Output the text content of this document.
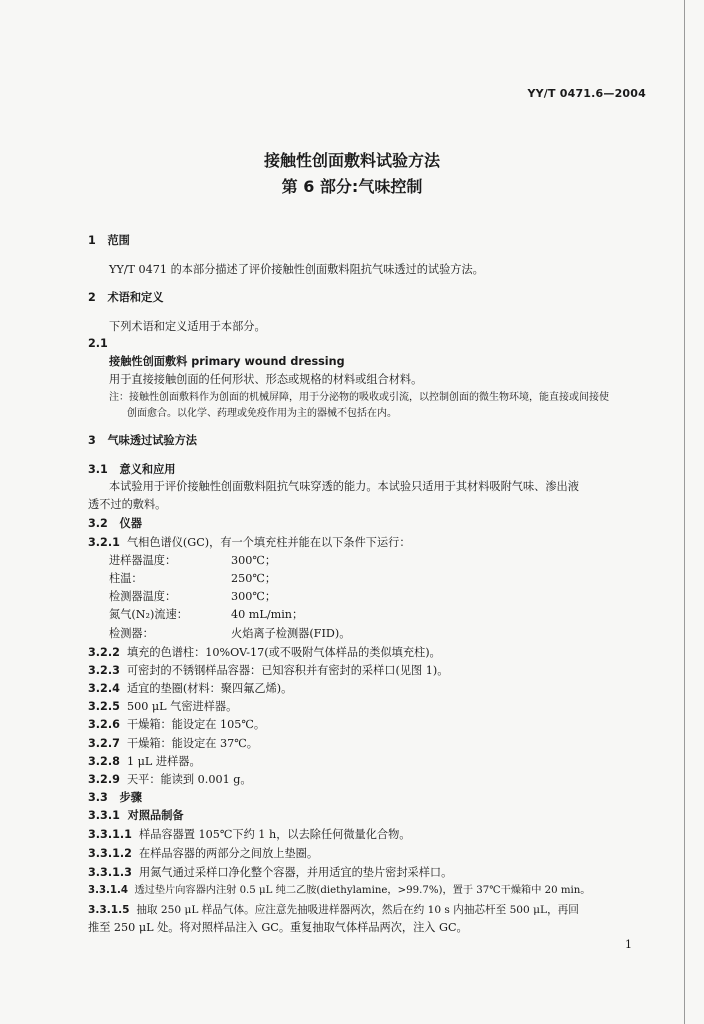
YY/T 0471.6—2004
接触性创面敷料试验方法
第 6 部分:气味控制
1 范围
YY/T 0471 的本部分描述了评价接触性创面敷料阻抗气味透过的试验方法。
2 术语和定义
下列术语和定义适用于本部分。
2.1
接触性创面敷料 primary wound dressing
用于直接接触创面的任何形状、形态或规格的材料或组合材料。
注：接触性创面敷料作为创面的机械屏障，用于分泌物的吸收或引流，以控制创面的微生物环境，能直接或间接使
创面愈合。以化学、药理或免疫作用为主的器械不包括在内。
3 气味透过试验方法
3.1 意义和应用
本试验用于评价接触性创面敷料阻抗气味穿透的能力。本试验只适用于其材料吸附气味、渗出液
透不过的敷料。
3.2 仪器
3.2.1 气相色谱仪(GC)，有一个填充柱并能在以下条件下运行：
进样器温度：	300℃；
柱温：	250℃；
检测器温度：	300℃；
氮气(N₂)流速：	40 mL/min；
检测器：	火焰离子检测器(FID)。
3.2.2 填充的色谱柱：10%OV-17(或不吸附气体样品的类似填充柱)。
3.2.3 可密封的不锈钢样品容器：已知容积并有密封的采样口(见图 1)。
3.2.4 适宜的垫圈(材料：聚四氟乙烯)。
3.2.5 500 μL 气密进样器。
3.2.6 干燥箱：能设定在 105℃。
3.2.7 干燥箱：能设定在 37℃。
3.2.8 1 μL 进样器。
3.2.9 天平：能读到 0.001 g。
3.3 步骤
3.3.1 对照品制备
3.3.1.1 样品容器置 105℃下约 1 h，以去除任何微量化合物。
3.3.1.2 在样品容器的两部分之间放上垫圈。
3.3.1.3 用氮气通过采样口净化整个容器，并用适宜的垫片密封采样口。
3.3.1.4 透过垫片向容器内注射 0.5 μL 纯二乙胺(diethylamine，>99.7%)，置于 37℃干燥箱中 20 min。
3.3.1.5 抽取 250 μL 样品气体。应注意先抽吸进样器两次，然后在约 10 s 内抽芯杆至 500 μL，再回
推至 250 μL 处。将对照样品注入 GC。重复抽取气体样品两次，注入 GC。
1
